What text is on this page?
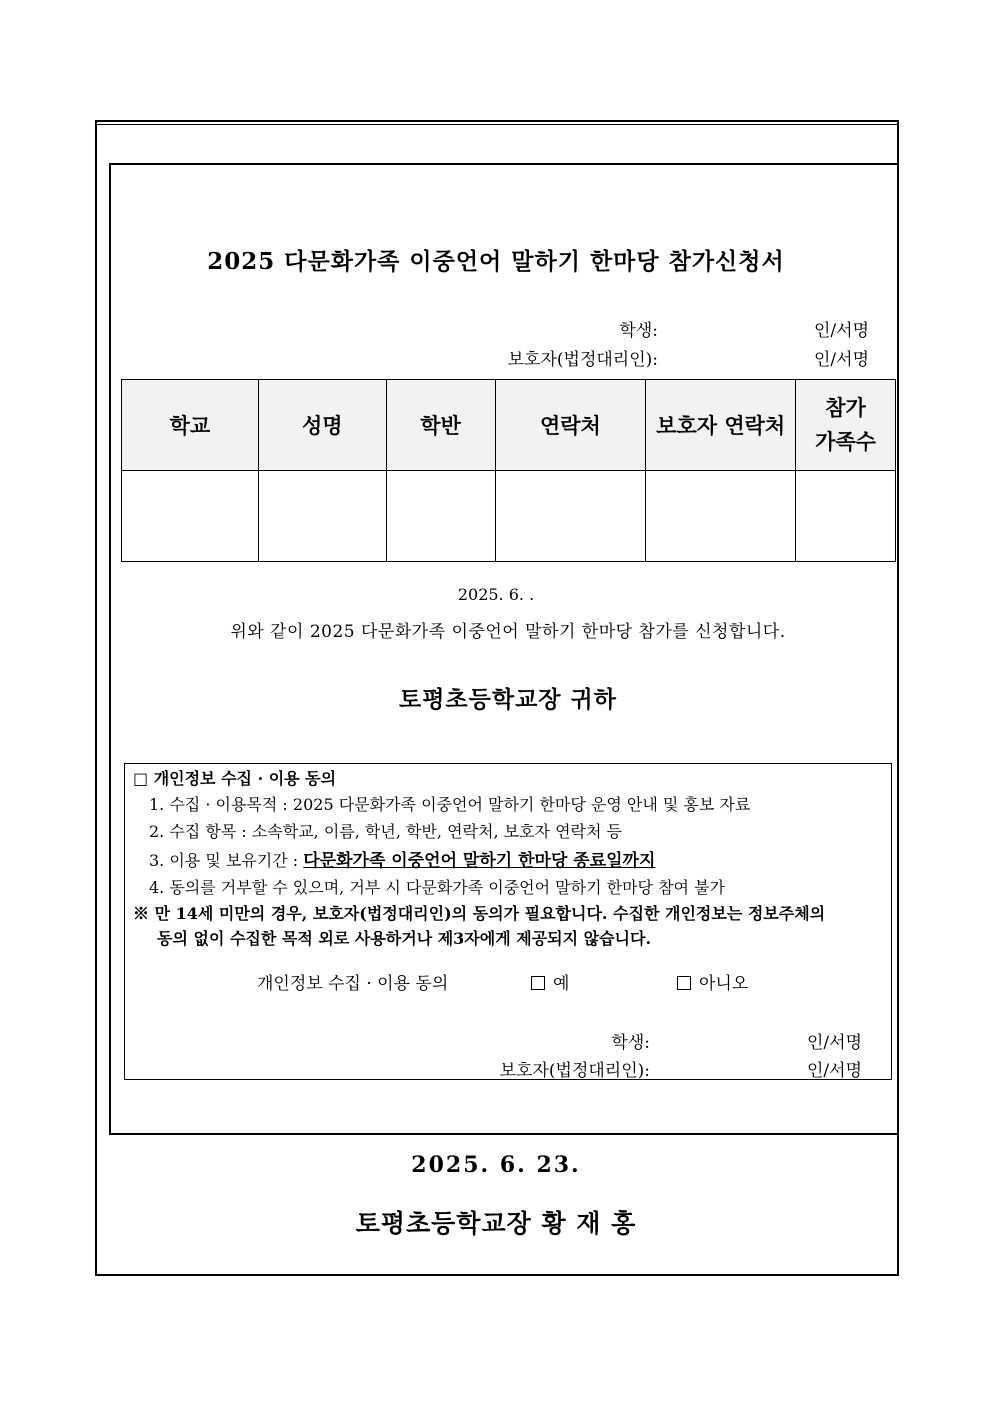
2025 다문화가족 이중언어 말하기 한마당 참가신청서
학생:	인/서명
보호자(법정대리인):	인/서명
학교	성명	학반	연락처	보호자 연락처	참가
가족수

2025. 6. .
위와 같이 2025 다문화가족 이중언어 말하기 한마당 참가를 신청합니다.
토평초등학교장 귀하
□ 개인정보 수집 · 이용 동의
1. 수집 · 이용목적 : 2025 다문화가족 이중언어 말하기 한마당 운영 안내 및 홍보 자료
2. 수집 항목 : 소속학교, 이름, 학년, 학반, 연락처, 보호자 연락처 등
3. 이용 및 보유기간 : 다문화가족 이중언어 말하기 한마당 종료일까지
4. 동의를 거부할 수 있으며, 거부 시 다문화가족 이중언어 말하기 한마당 참여 불가
※ 만 14세 미만의 경우, 보호자(법정대리인)의 동의가 필요합니다. 수집한 개인정보는 정보주체의
동의 없이 수집한 목적 외로 사용하거나 제3자에게 제공되지 않습니다.
개인정보 수집 · 이용 동의	예	아니오
학생:	인/서명
보호자(법정대리인):	인/서명
2025. 6. 23.
토평초등학교장 황 재 홍
